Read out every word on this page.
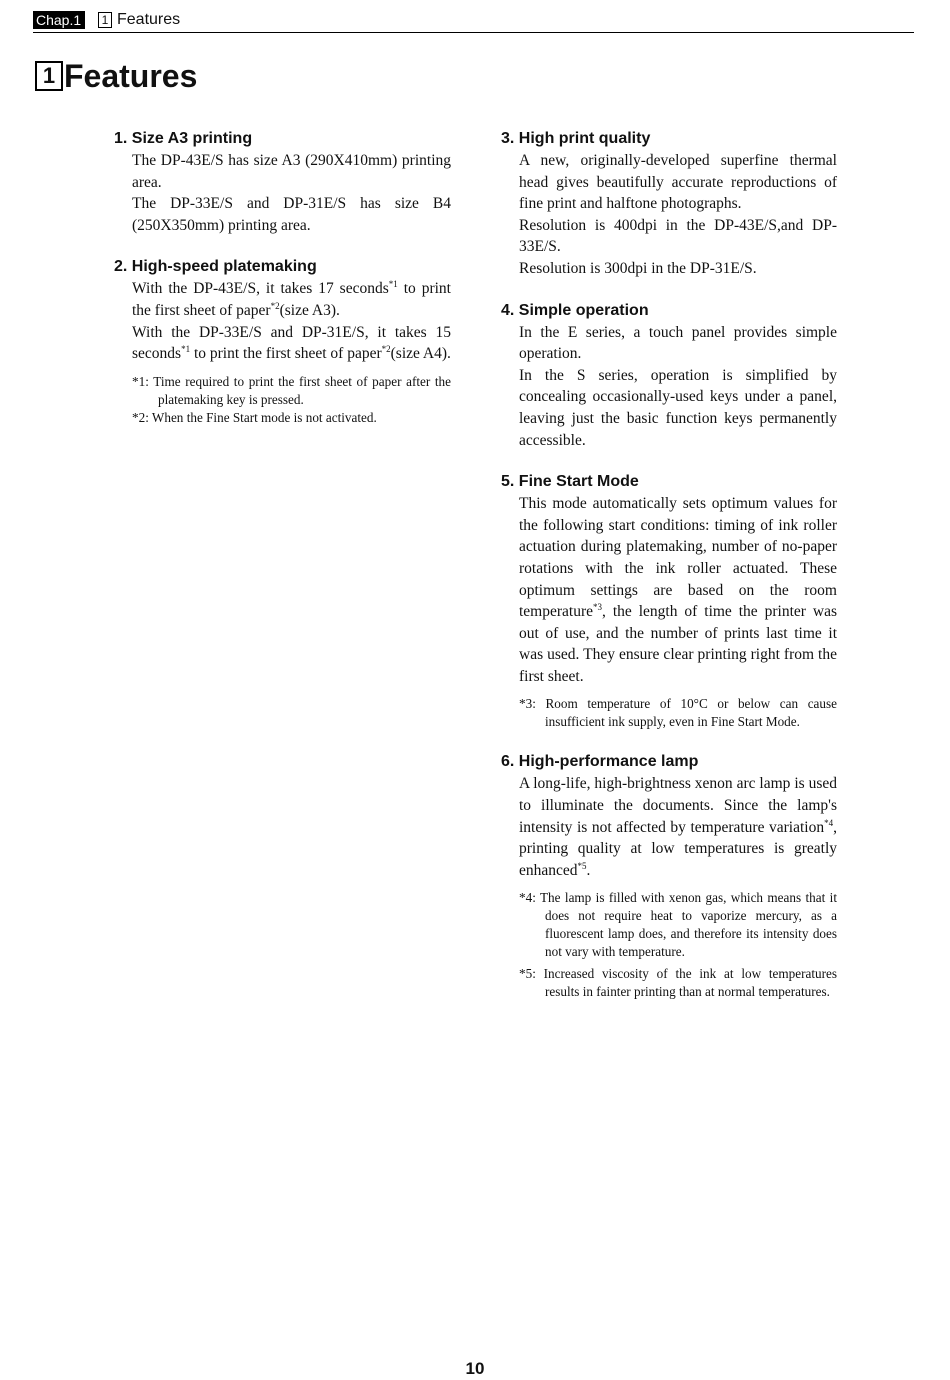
Chap.1	1 Features
1 Features

1. Size A3 printing

The DP-43E/S has size A3 (290X410mm) printing area.

The DP-33E/S and DP-31E/S has size B4 (250X350mm) printing area.

2. High-speed platemaking

With the DP-43E/S, it takes 17 seconds$^{*1}$ to print the first sheet of paper$^{*2}$(size A3).

With the DP-33E/S and DP-31E/S, it takes 15 seconds$^{*1}$ to print the first sheet of paper$^{*2}$(size A4).

*1: Time required to print the first sheet of paper after the platemaking key is pressed.

*2: When the Fine Start mode is not activated.

3. High print quality

A new, originally-developed superfine thermal head gives beautifully accurate reproductions of fine print and halftone photographs.

Resolution is 400dpi in the DP-43E/S,and DP-33E/S.

Resolution is 300dpi in the DP-31E/S.

4. Simple operation

In the E series, a touch panel provides simple operation.

In the S series, operation is simplified by concealing occasionally-used keys under a panel, leaving just the basic function keys permanently accessible.

5. Fine Start Mode

This mode automatically sets optimum values for the following start conditions: timing of ink roller actuation during platemaking, number of no-paper rotations with the ink roller actuated. These optimum settings are based on the room temperature$^{*3}$, the length of time the printer was out of use, and the number of prints last time it was used. They ensure clear printing right from the first sheet.

*3: Room temperature of 10°C or below can cause insufficient ink supply, even in Fine Start Mode.

6. High-performance lamp

A long-life, high-brightness xenon arc lamp is used to illuminate the documents. Since the lamp's intensity is not affected by temperature variation$^{*4}$, printing quality at low temperatures is greatly enhanced$^{*5}$.

*4: The lamp is filled with xenon gas, which means that it does not require heat to vaporize mercury, as a fluorescent lamp does, and therefore its intensity does not vary with temperature.

*5: Increased viscosity of the ink at low temperatures results in fainter printing than at normal temperatures.

10
